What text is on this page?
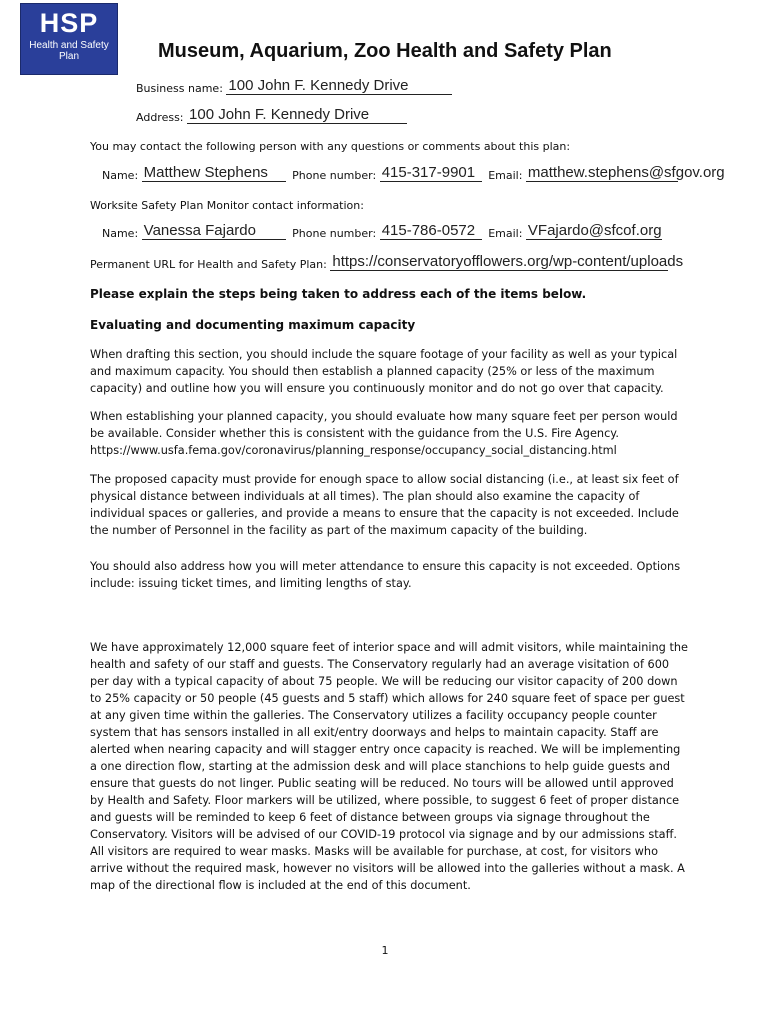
HSP
Health and Safety Plan	Museum, Aquarium, Zoo Health and Safety Plan
Business name: 100 John F. Kennedy Drive
Address: 100 John F. Kennedy Drive
You may contact the following person with any questions or comments about this plan:
Name: Matthew Stephens Phone number: 415-317-9901 Email: matthew.stephens@sfgov.org
Worksite Safety Plan Monitor contact information:
Name: Vanessa Fajardo	Phone number: 415-786-0572 Email: VFajardo@sfcof.org
Permanent URL for Health and Safety Plan: https://conservatoryofflowers.org/wp-content/uploads
Please explain the steps being taken to address each of the items below.
Evaluating and documenting maximum capacity
When drafting this section, you should include the square footage of your facility as well as your typical and maximum capacity. You should then establish a planned capacity (25% or less of the maximum capacity) and outline how you will ensure you continuously monitor and do not go over that capacity.
When establishing your planned capacity, you should evaluate how many square feet per person would be available. Consider whether this is consistent with the guidance from the U.S. Fire Agency. https://www.usfa.fema.gov/coronavirus/planning_response/occupancy_social_distancing.html
The proposed capacity must provide for enough space to allow social distancing (i.e., at least six feet of physical distance between individuals at all times). The plan should also examine the capacity of individual spaces or galleries, and provide a means to ensure that the capacity is not exceeded. Include the number of Personnel in the facility as part of the maximum capacity of the building.
You should also address how you will meter attendance to ensure this capacity is not exceeded. Options include: issuing ticket times, and limiting lengths of stay.
We have approximately 12,000 square feet of interior space and will admit visitors, while maintaining the health and safety of our staff and guests. The Conservatory regularly had an average visitation of 600 per day with a typical capacity of about 75 people. We will be reducing our visitor capacity of 200 down to 25% capacity or 50 people (45 guests and 5 staff) which allows for 240 square feet of space per guest at any given time within the galleries. The Conservatory utilizes a facility occupancy people counter system that has sensors installed in all exit/entry doorways and helps to maintain capacity. Staff are alerted when nearing capacity and will stagger entry once capacity is reached. We will be implementing a one direction flow, starting at the admission desk and will place stanchions to help guide guests and ensure that guests do not linger. Public seating will be reduced. No tours will be allowed until approved by Health and Safety. Floor markers will be utilized, where possible, to suggest 6 feet of proper distance and guests will be reminded to keep 6 feet of distance between groups via signage throughout the Conservatory. Visitors will be advised of our COVID-19 protocol via signage and by our admissions staff. All visitors are required to wear masks. Masks will be available for purchase, at cost, for visitors who arrive without the required mask, however no visitors will be allowed into the galleries without a mask. A map of the directional flow is included at the end of this document.
1
